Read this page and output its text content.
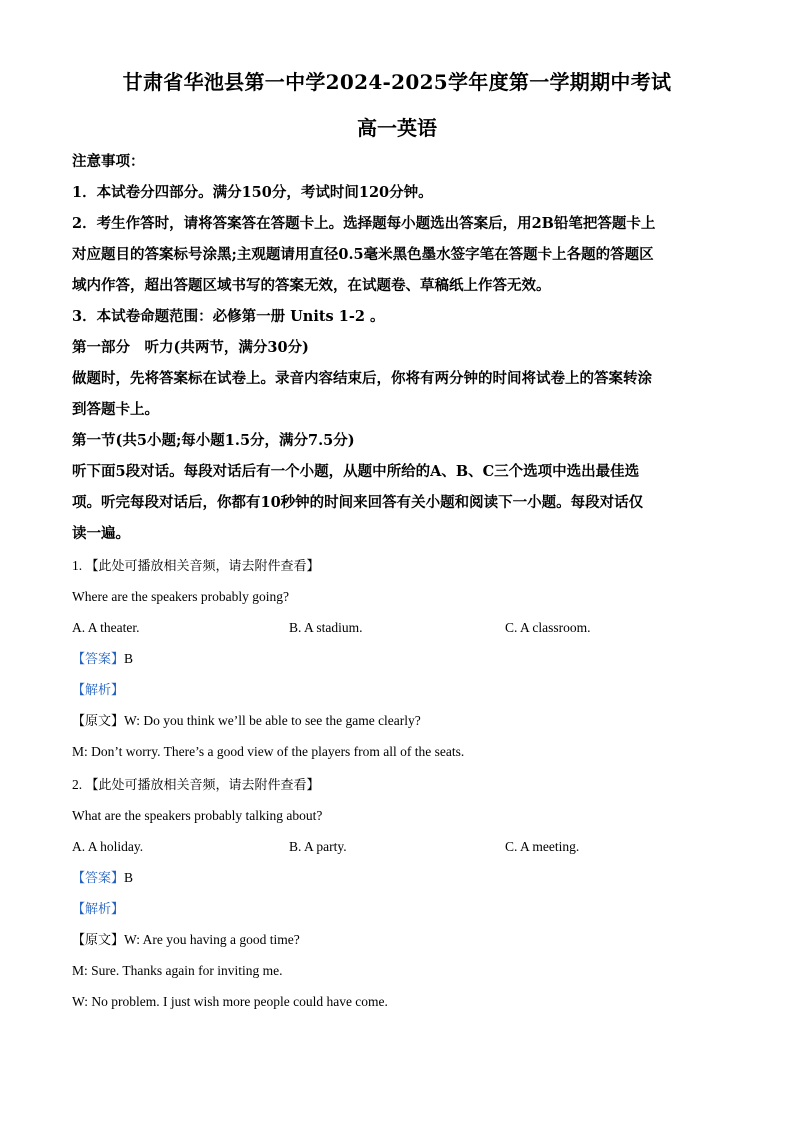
甘肃省华池县第一中学2024-2025学年度第一学期期中考试
高一英语
注意事项：
1．本试卷分四部分。满分150分，考试时间120分钟。
2．考生作答时，请将答案答在答题卡上。选择题每小题选出答案后，用2B铅笔把答题卡上
对应题目的答案标号涂黑;主观题请用直径0.5毫米黑色墨水签字笔在答题卡上各题的答题区
域内作答，超出答题区域书写的答案无效，在试题卷、草稿纸上作答无效。
3．本试卷命题范围：必修第一册 Units 1-2 。
第一部分　听力(共两节，满分30分)
做题时，先将答案标在试卷上。录音内容结束后，你将有两分钟的时间将试卷上的答案转涂
到答题卡上。
第一节(共5小题;每小题1.5分，满分7.5分)
听下面5段对话。每段对话后有一个小题，从题中所给的A、B、C三个选项中选出最佳选
项。听完每段对话后，你都有10秒钟的时间来回答有关小题和阅读下一小题。每段对话仅
读一遍。
1. 【此处可播放相关音频，请去附件查看】
Where are the speakers probably going?
A. A theater.	B. A stadium.	C. A classroom.
【答案】B
【解析】
【原文】W: Do you think we’ll be able to see the game clearly?
M: Don’t worry. There’s a good view of the players from all of the seats.
2. 【此处可播放相关音频，请去附件查看】
What are the speakers probably talking about?
A. A holiday.	B. A party.	C. A meeting.
【答案】B
【解析】
【原文】W: Are you having a good time?
M: Sure. Thanks again for inviting me.
W: No problem. I just wish more people could have come.
